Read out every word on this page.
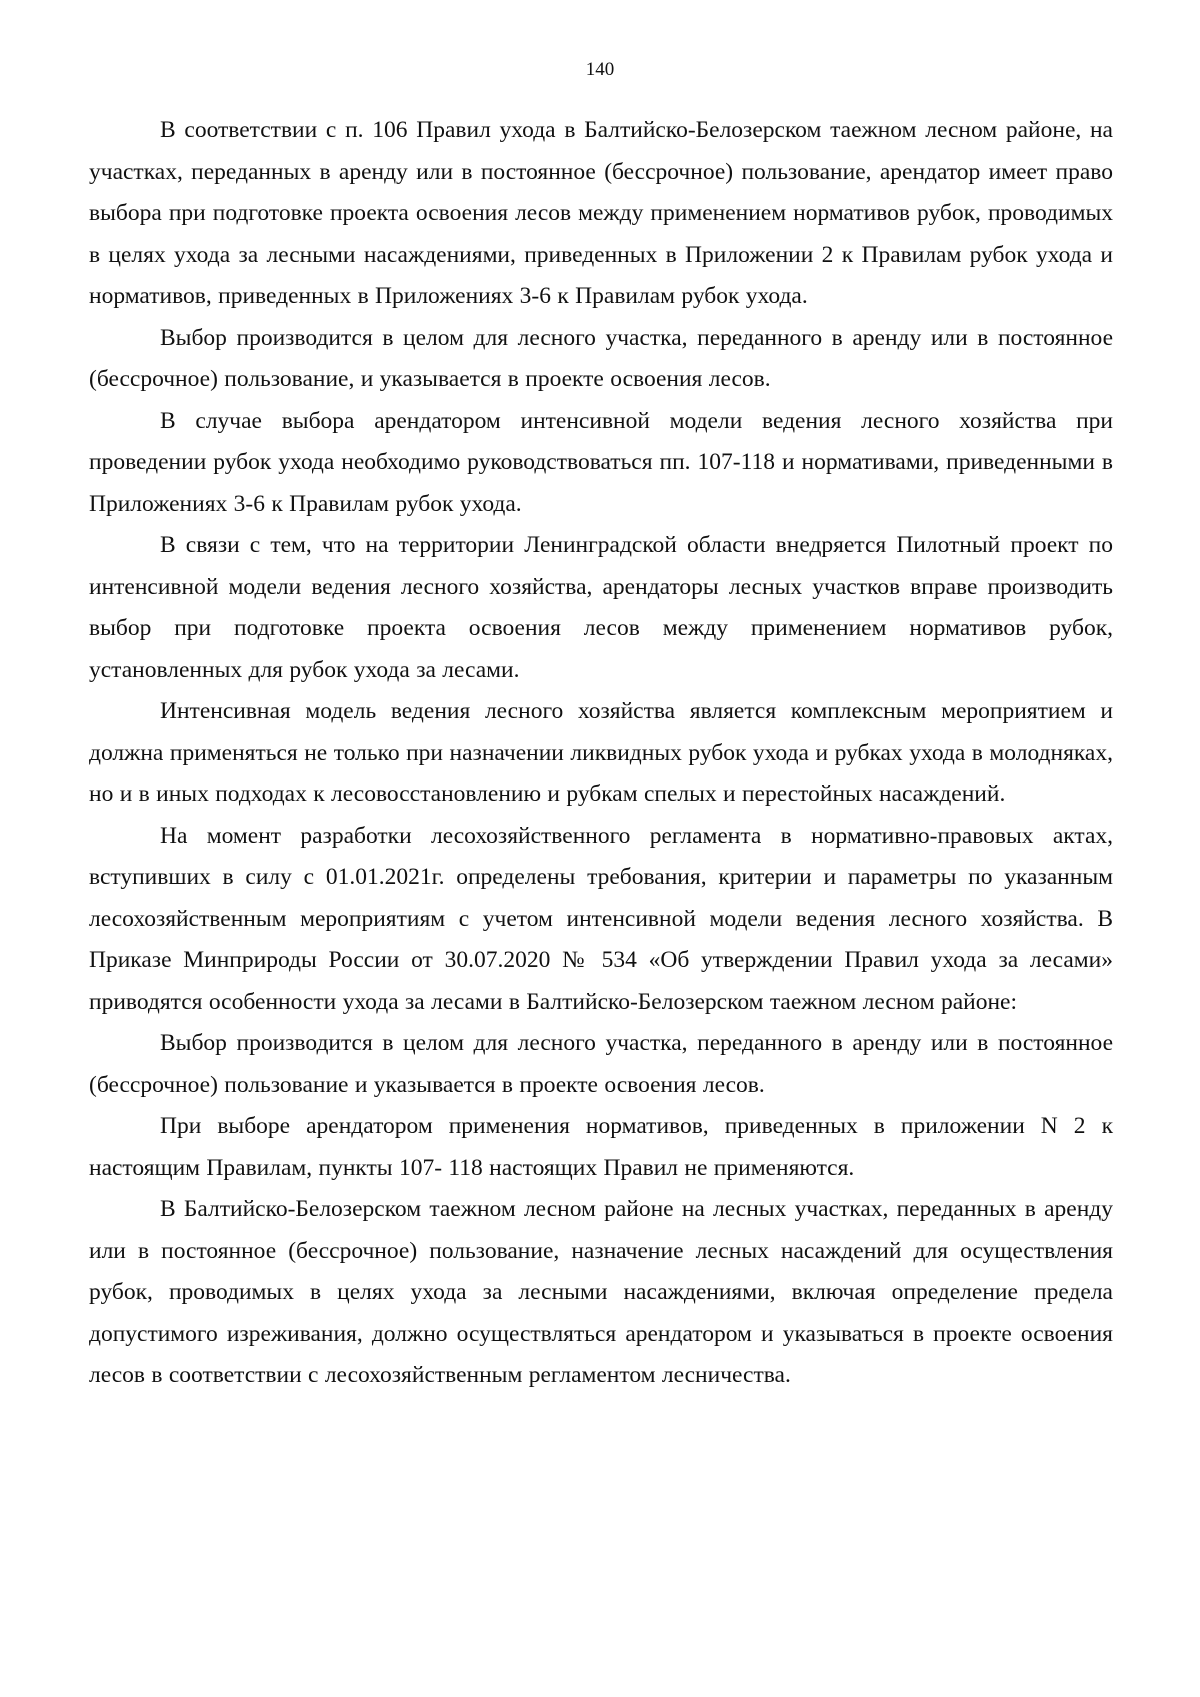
140

В соответствии с п. 106 Правил ухода в Балтийско-Белозерском таежном лесном районе, на участках, переданных в аренду или в постоянное (бессрочное) пользование, арендатор имеет право выбора при подготовке проекта освоения лесов между применением нормативов рубок, проводимых в целях ухода за лесными насаждениями, приведенных в Приложении 2 к Правилам рубок ухода и нормативов, приведенных в Приложениях 3-6 к Правилам рубок ухода.

Выбор производится в целом для лесного участка, переданного в аренду или в постоянное (бессрочное) пользование, и указывается в проекте освоения лесов.

В случае выбора арендатором интенсивной модели ведения лесного хозяйства при проведении рубок ухода необходимо руководствоваться пп. 107-118 и нормативами, приведенными в Приложениях 3-6 к Правилам рубок ухода.

В связи с тем, что на территории Ленинградской области внедряется Пилотный проект по интенсивной модели ведения лесного хозяйства, арендаторы лесных участков вправе производить выбор при подготовке проекта освоения лесов между применением нормативов рубок, установленных для рубок ухода за лесами.

Интенсивная модель ведения лесного хозяйства является комплексным мероприятием и должна применяться не только при назначении ликвидных рубок ухода и рубках ухода в молодняках, но и в иных подходах к лесовосстановлению и рубкам спелых и перестойных насаждений.

На момент разработки лесохозяйственного регламента в нормативно-правовых актах, вступивших в силу с 01.01.2021г. определены требования, критерии и параметры по указанным лесохозяйственным мероприятиям с учетом интенсивной модели ведения лесного хозяйства. В Приказе Минприроды России от 30.07.2020 № 534 «Об утверждении Правил ухода за лесами» приводятся особенности ухода за лесами в Балтийско-Белозерском таежном лесном районе:

Выбор производится в целом для лесного участка, переданного в аренду или в постоянное (бессрочное) пользование и указывается в проекте освоения лесов.

При выборе арендатором применения нормативов, приведенных в приложении N 2 к настоящим Правилам, пункты 107- 118 настоящих Правил не применяются.

В Балтийско-Белозерском таежном лесном районе на лесных участках, переданных в аренду или в постоянное (бессрочное) пользование, назначение лесных насаждений для осуществления рубок, проводимых в целях ухода за лесными насаждениями, включая определение предела допустимого изреживания, должно осуществляться арендатором и указываться в проекте освоения лесов в соответствии с лесохозяйственным регламентом лесничества.
